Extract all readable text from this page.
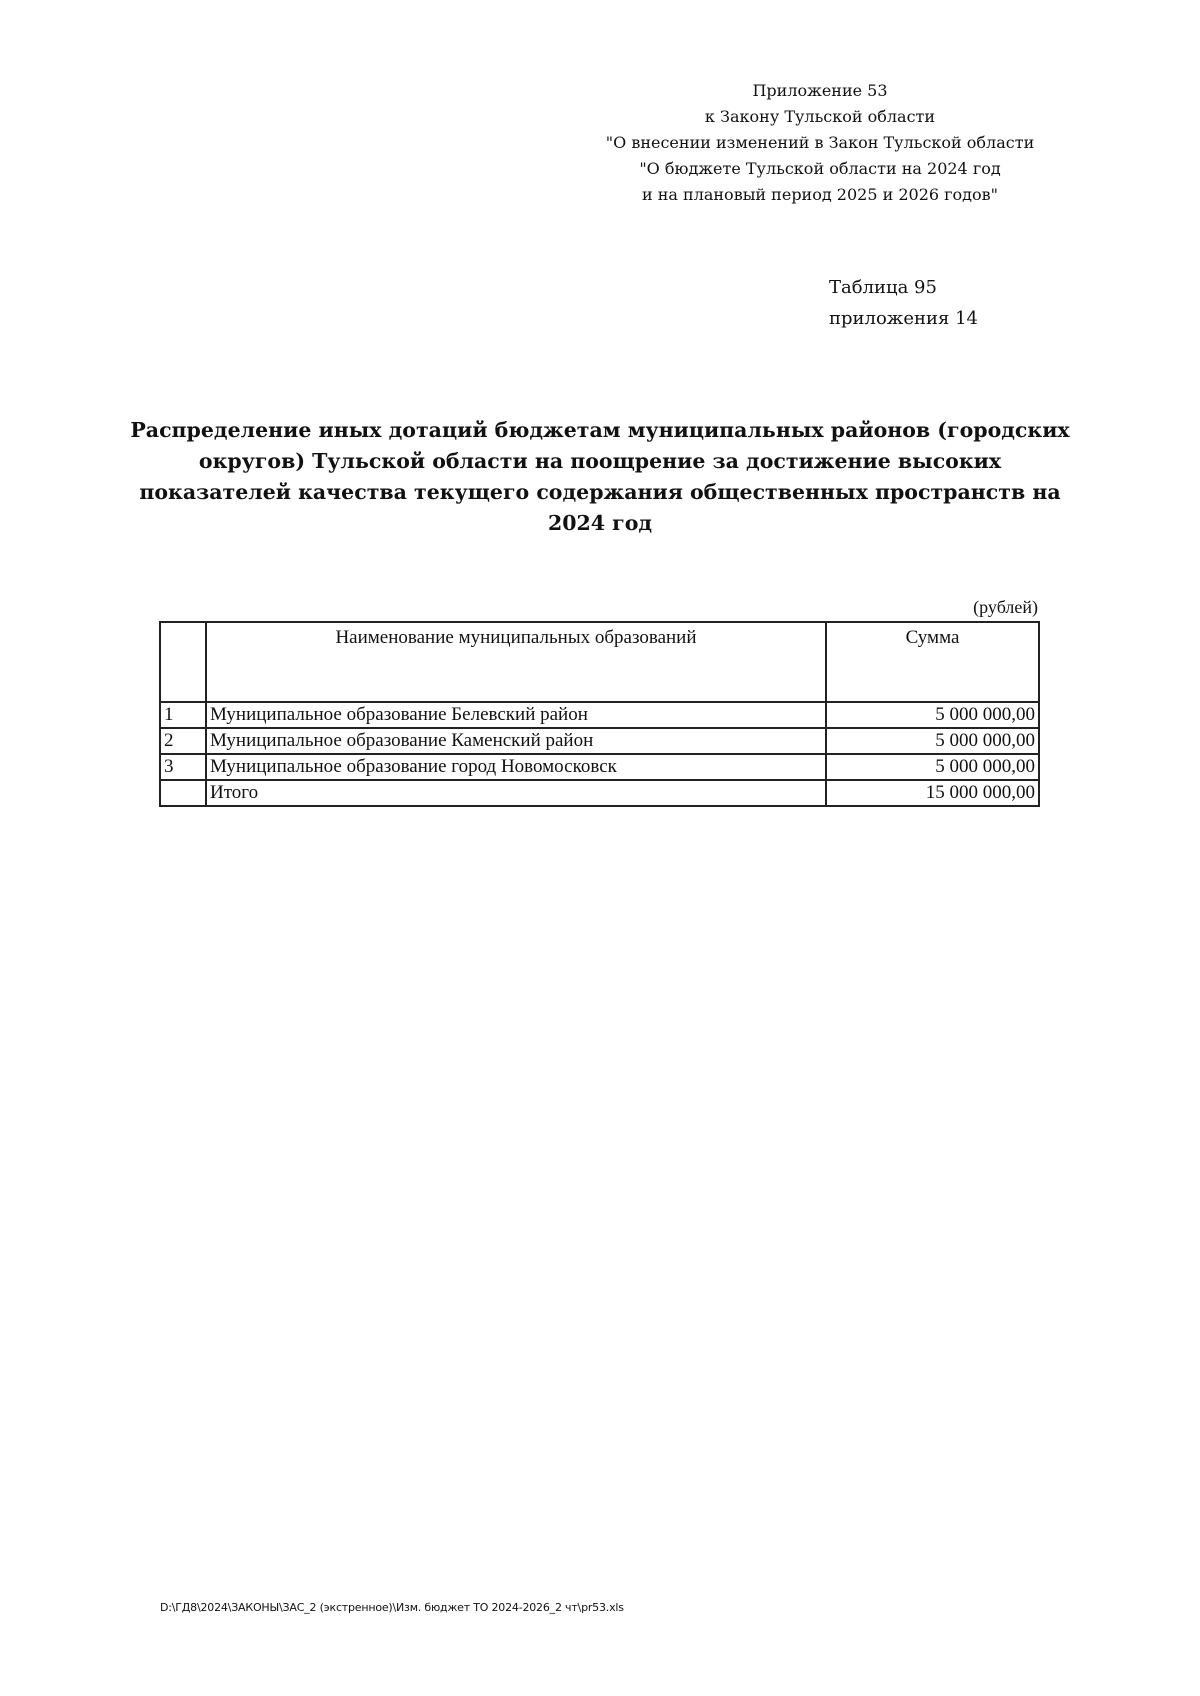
Приложение 53
к Закону Тульской области
"О внесении изменений в Закон Тульской области
"О бюджете Тульской области на 2024 год
и на плановый период 2025 и 2026 годов"
Таблица 95
приложения 14
Распределение иных дотаций бюджетам муниципальных районов (городских округов) Тульской области на поощрение за достижение высоких показателей качества текущего содержания общественных пространств на 2024 год
(рублей)
	Наименование муниципальных образований	Сумма
1	Муниципальное образование Белевский район	5 000 000,00
2	Муниципальное образование Каменский район	5 000 000,00
3	Муниципальное образование город Новомосковск	5 000 000,00
	Итого	15 000 000,00
D:\ГД8\2024\ЗАКОНЫ\ЗАС_2 (экстренное)\Изм. бюджет ТО 2024-2026_2 чт\pr53.xls
